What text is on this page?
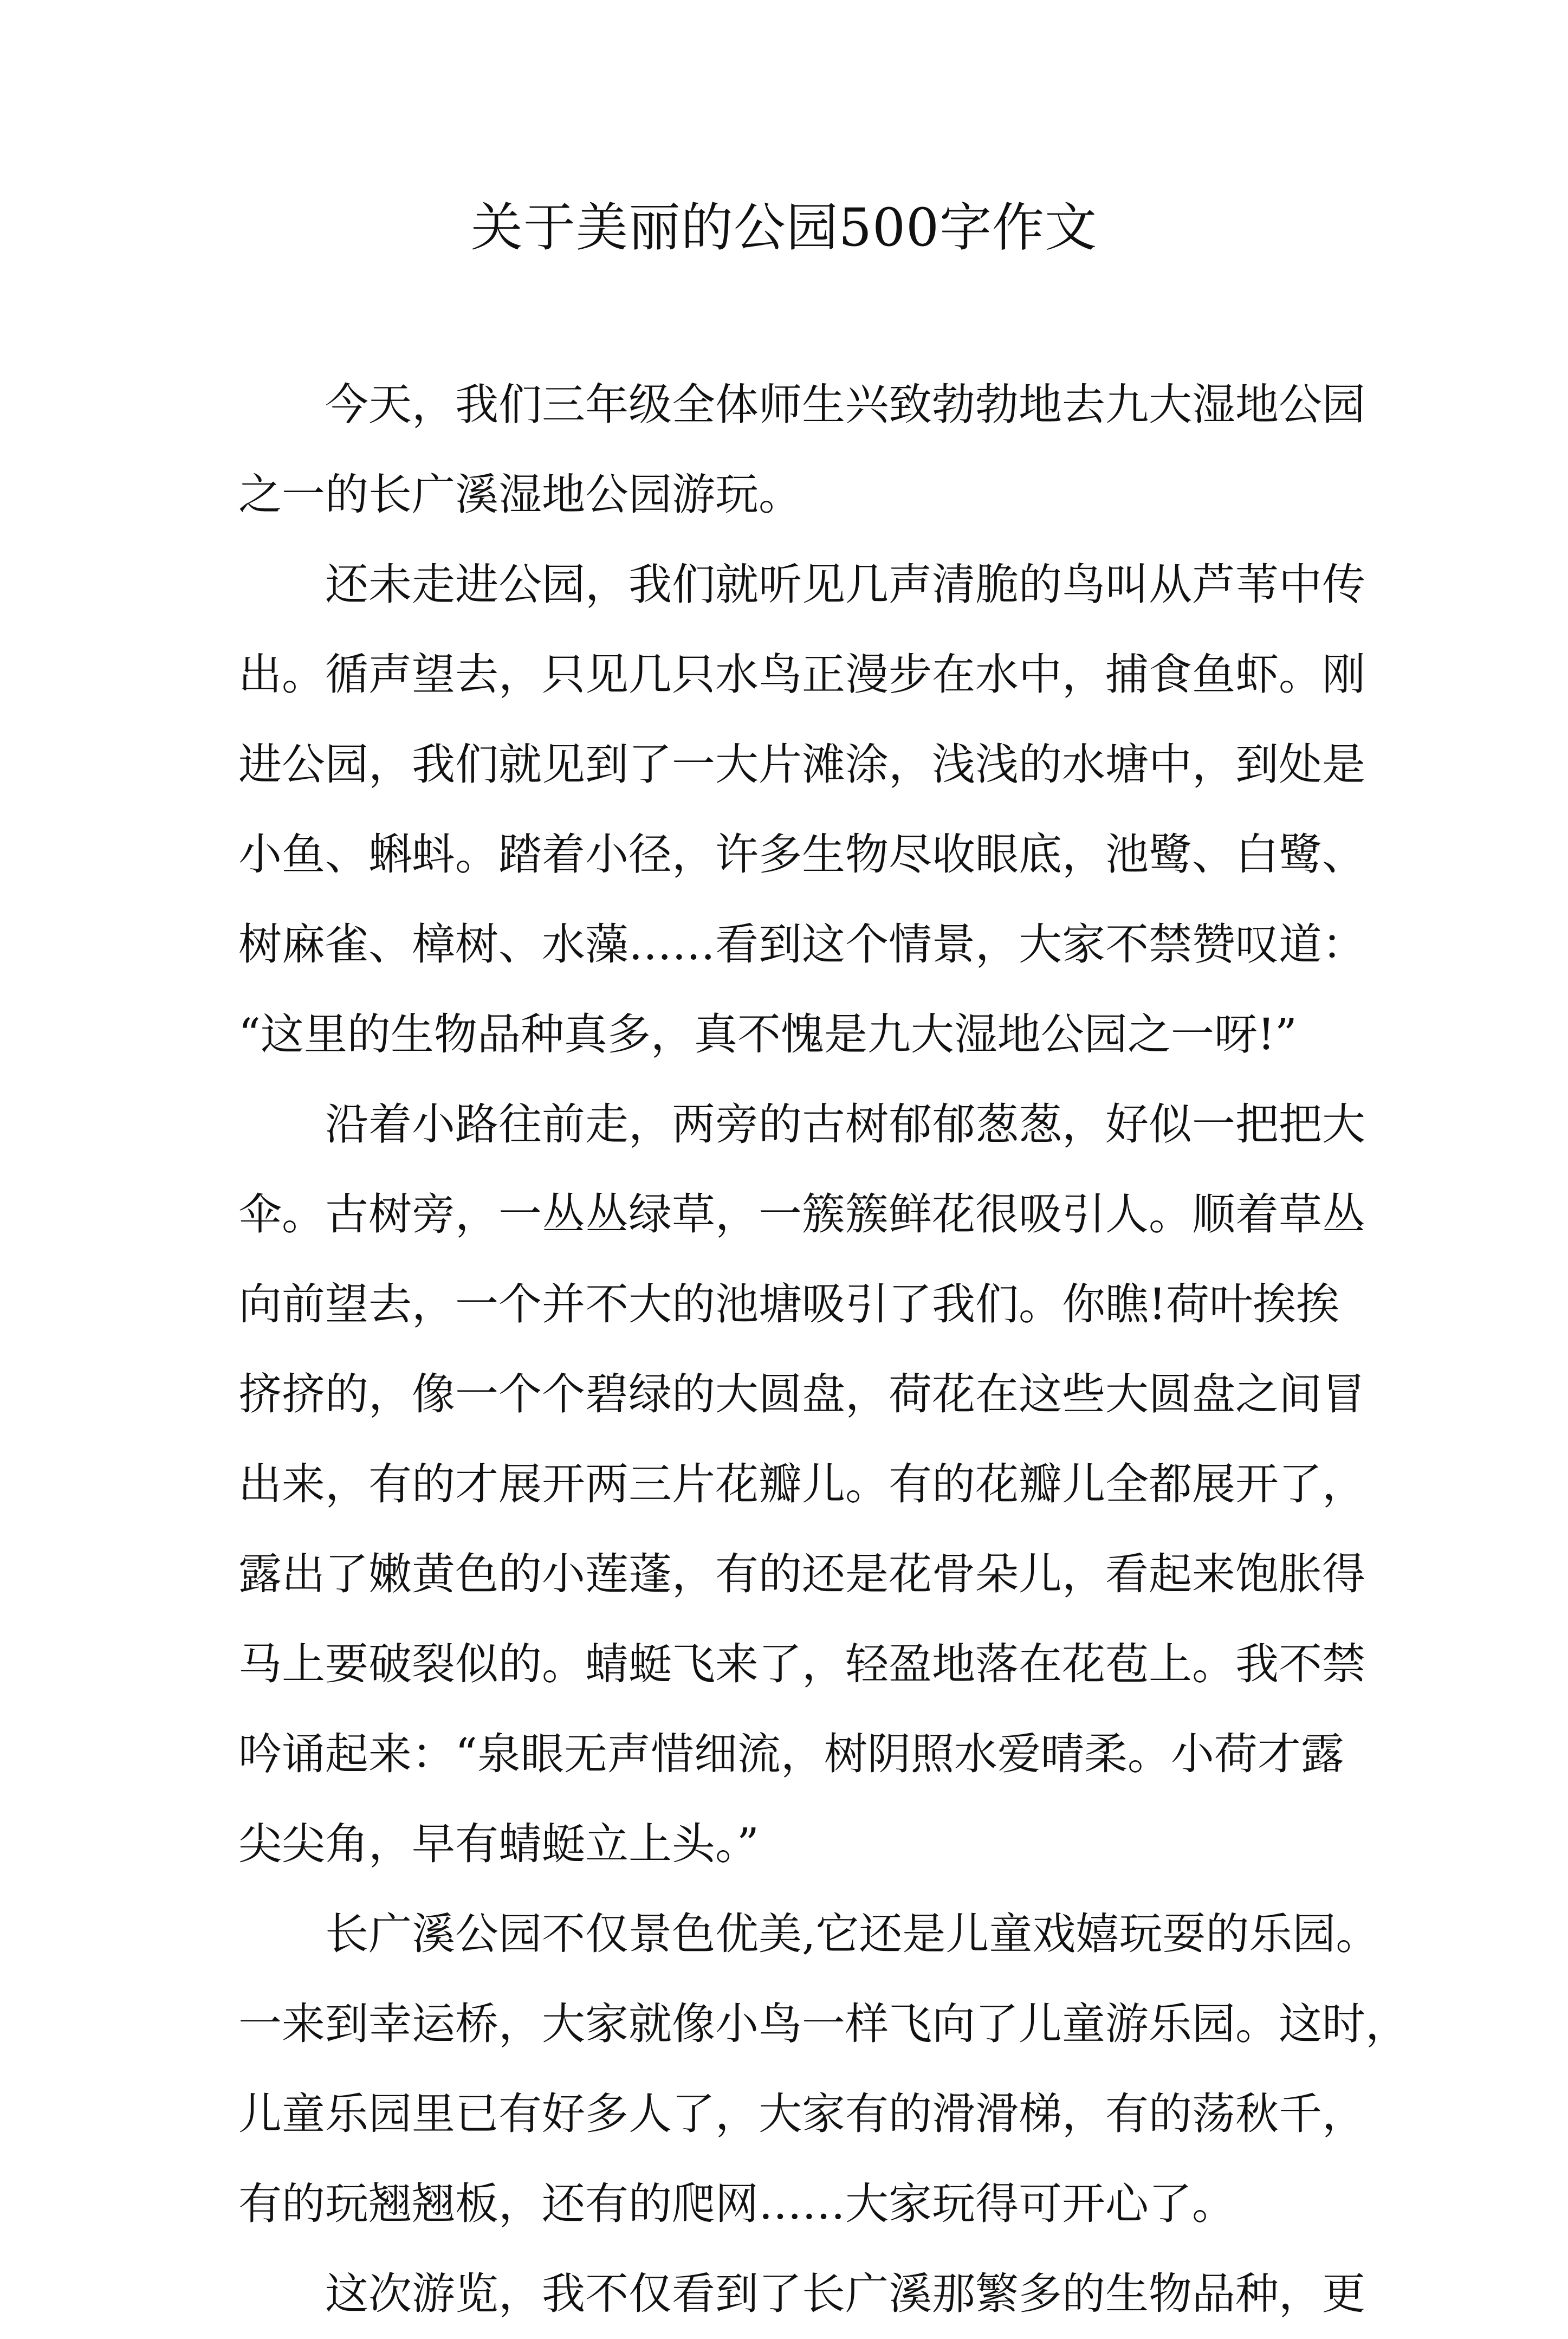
关于美丽的公园500字作文
今天，我们三年级全体师生兴致勃勃地去九大湿地公园
之一的长广溪湿地公园游玩。
还未走进公园，我们就听见几声清脆的鸟叫从芦苇中传
出。循声望去，只见几只水鸟正漫步在水中，捕食鱼虾。刚
进公园，我们就见到了一大片滩涂，浅浅的水塘中，到处是
小鱼、蝌蚪。踏着小径，许多生物尽收眼底，池鹭、白鹭、
树麻雀、樟树、水藻……看到这个情景，大家不禁赞叹道：
“这里的生物品种真多，真不愧是九大湿地公园之一呀!”
沿着小路往前走，两旁的古树郁郁葱葱，好似一把把大
伞。古树旁，一丛丛绿草，一簇簇鲜花很吸引人。顺着草丛
向前望去，一个并不大的池塘吸引了我们。你瞧!荷叶挨挨
挤挤的，像一个个碧绿的大圆盘，荷花在这些大圆盘之间冒
出来，有的才展开两三片花瓣儿。有的花瓣儿全都展开了，
露出了嫩黄色的小莲蓬，有的还是花骨朵儿，看起来饱胀得
马上要破裂似的。蜻蜓飞来了，轻盈地落在花苞上。我不禁
吟诵起来：“泉眼无声惜细流，树阴照水爱晴柔。小荷才露
尖尖角，早有蜻蜓立上头。”
长广溪公园不仅景色优美,它还是儿童戏嬉玩耍的乐园。
一来到幸运桥，大家就像小鸟一样飞向了儿童游乐园。这时，
儿童乐园里已有好多人了，大家有的滑滑梯，有的荡秋千，
有的玩翘翘板，还有的爬网……大家玩得可开心了。
这次游览，我不仅看到了长广溪那繁多的生物品种，更
